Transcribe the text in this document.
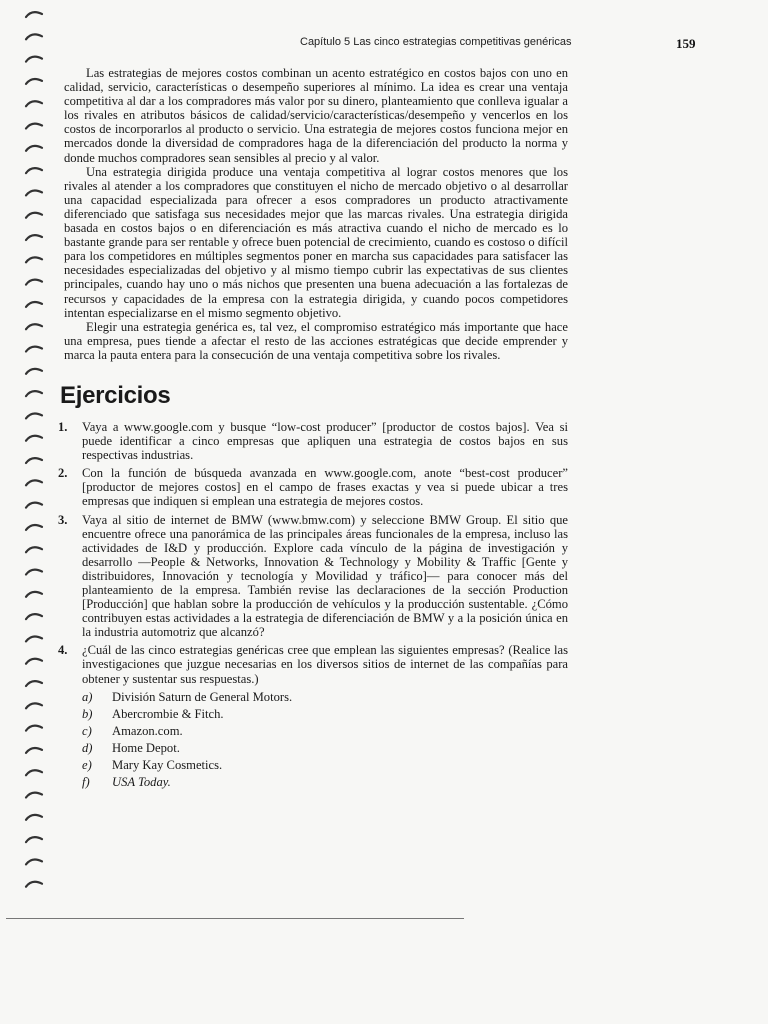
Capítulo 5 Las cinco estrategias competitivas genéricas	159

Las estrategias de mejores costos combinan un acento estratégico en costos bajos con uno en calidad, servicio, características o desempeño superiores al mínimo. La idea es crear una ventaja competitiva al dar a los compradores más valor por su dinero, planteamiento que conlleva igualar a los rivales en atributos básicos de calidad/servicio/características/desempeño y vencerlos en los costos de incorporarlos al producto o servicio. Una estrategia de mejores costos funciona mejor en mercados donde la diversidad de compradores haga de la diferenciación del producto la norma y donde muchos compradores sean sensibles al precio y al valor.

Una estrategia dirigida produce una ventaja competitiva al lograr costos menores que los rivales al atender a los compradores que constituyen el nicho de mercado objetivo o al desarrollar una capacidad especializada para ofrecer a esos compradores un producto atractivamente diferenciado que satisfaga sus necesidades mejor que las marcas rivales. Una estrategia dirigida basada en costos bajos o en diferenciación es más atractiva cuando el nicho de mercado es lo bastante grande para ser rentable y ofrece buen potencial de crecimiento, cuando es costoso o difícil para los competidores en múltiples segmentos poner en marcha sus capacidades para satisfacer las necesidades especializadas del objetivo y al mismo tiempo cubrir las expectativas de sus clientes principales, cuando hay uno o más nichos que presenten una buena adecuación a las fortalezas de recursos y capacidades de la empresa con la estrategia dirigida, y cuando pocos competidores intentan especializarse en el mismo segmento objetivo.

Elegir una estrategia genérica es, tal vez, el compromiso estratégico más importante que hace una empresa, pues tiende a afectar el resto de las acciones estratégicas que decide emprender y marca la pauta entera para la consecución de una ventaja competitiva sobre los rivales.

Ejercicios
1. Vaya a www.google.com y busque “low-cost producer” [productor de costos bajos]. Vea si puede identificar a cinco empresas que apliquen una estrategia de costos bajos en sus respectivas industrias.
2. Con la función de búsqueda avanzada en www.google.com, anote “best-cost producer” [productor de mejores costos] en el campo de frases exactas y vea si puede ubicar a tres empresas que indiquen si emplean una estrategia de mejores costos.
3. Vaya al sitio de internet de BMW (www.bmw.com) y seleccione BMW Group. El sitio que encuentre ofrece una panorámica de las principales áreas funcionales de la empresa, incluso las actividades de I&D y producción. Explore cada vínculo de la página de investigación y desarrollo —People & Networks, Innovation & Technology y Mobility & Traffic [Gente y distribuidores, Innovación y tecnología y Movilidad y tráfico]— para conocer más del planteamiento de la empresa. También revise las declaraciones de la sección Production [Producción] que hablan sobre la producción de vehículos y la producción sustentable. ¿Cómo contribuyen estas actividades a la estrategia de diferenciación de BMW y a la posición única en la industria automotriz que alcanzó?
4. ¿Cuál de las cinco estrategias genéricas cree que emplean las siguientes empresas? (Realice las investigaciones que juzgue necesarias en los diversos sitios de internet de las compañías para obtener y sustentar sus respuestas.)
a) División Saturn de General Motors.
b) Abercrombie & Fitch.
c) Amazon.com.
d) Home Depot.
e) Mary Kay Cosmetics.
f) USA Today.
